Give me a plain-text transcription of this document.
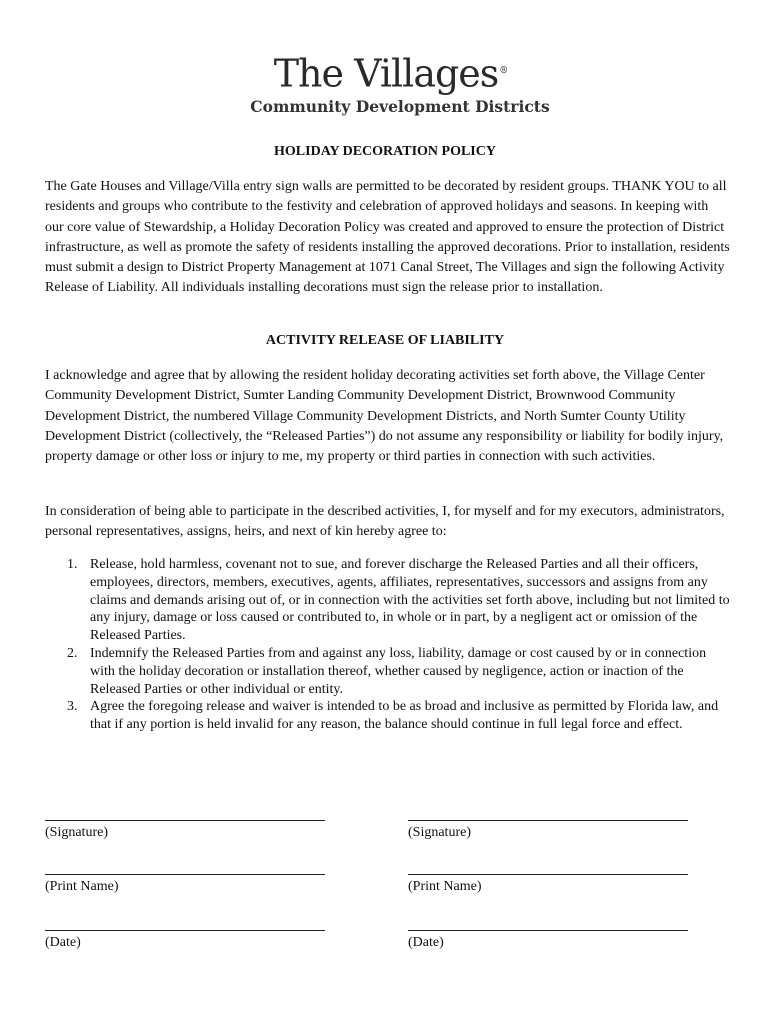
The Villages®
Community Development Districts
HOLIDAY DECORATION POLICY

The Gate Houses and Village/Villa entry sign walls are permitted to be decorated by resident groups. THANK YOU to all residents and groups who contribute to the festivity and celebration of approved holidays and seasons. In keeping with our core value of Stewardship, a Holiday Decoration Policy was created and approved to ensure the protection of District infrastructure, as well as promote the safety of residents installing the approved decorations. Prior to installation, residents must submit a design to District Property Management at 1071 Canal Street, The Villages and sign the following Activity Release of Liability. All individuals installing decorations must sign the release prior to installation.

ACTIVITY RELEASE OF LIABILITY

I acknowledge and agree that by allowing the resident holiday decorating activities set forth above, the Village Center Community Development District, Sumter Landing Community Development District, Brownwood Community Development District, the numbered Village Community Development Districts, and North Sumter County Utility Development District (collectively, the “Released Parties”) do not assume any responsibility or liability for bodily injury, property damage or other loss or injury to me, my property or third parties in connection with such activities.

In consideration of being able to participate in the described activities, I, for myself and for my executors, administrators, personal representatives, assigns, heirs, and next of kin hereby agree to:

1. Release, hold harmless, covenant not to sue, and forever discharge the Released Parties and all their officers, employees, directors, members, executives, agents, affiliates, representatives, successors and assigns from any claims and demands arising out of, or in connection with the activities set forth above, including but not limited to any injury, damage or loss caused or contributed to, in whole or in part, by a negligent act or omission of the Released Parties.
2. Indemnify the Released Parties from and against any loss, liability, damage or cost caused by or in connection with the holiday decoration or installation thereof, whether caused by negligence, action or inaction of the Released Parties or other individual or entity.
3. Agree the foregoing release and waiver is intended to be as broad and inclusive as permitted by Florida law, and that if any portion is held invalid for any reason, the balance should continue in full legal force and effect.
(Signature)
(Print Name)
(Date)
(Signature)
(Print Name)
(Date)
